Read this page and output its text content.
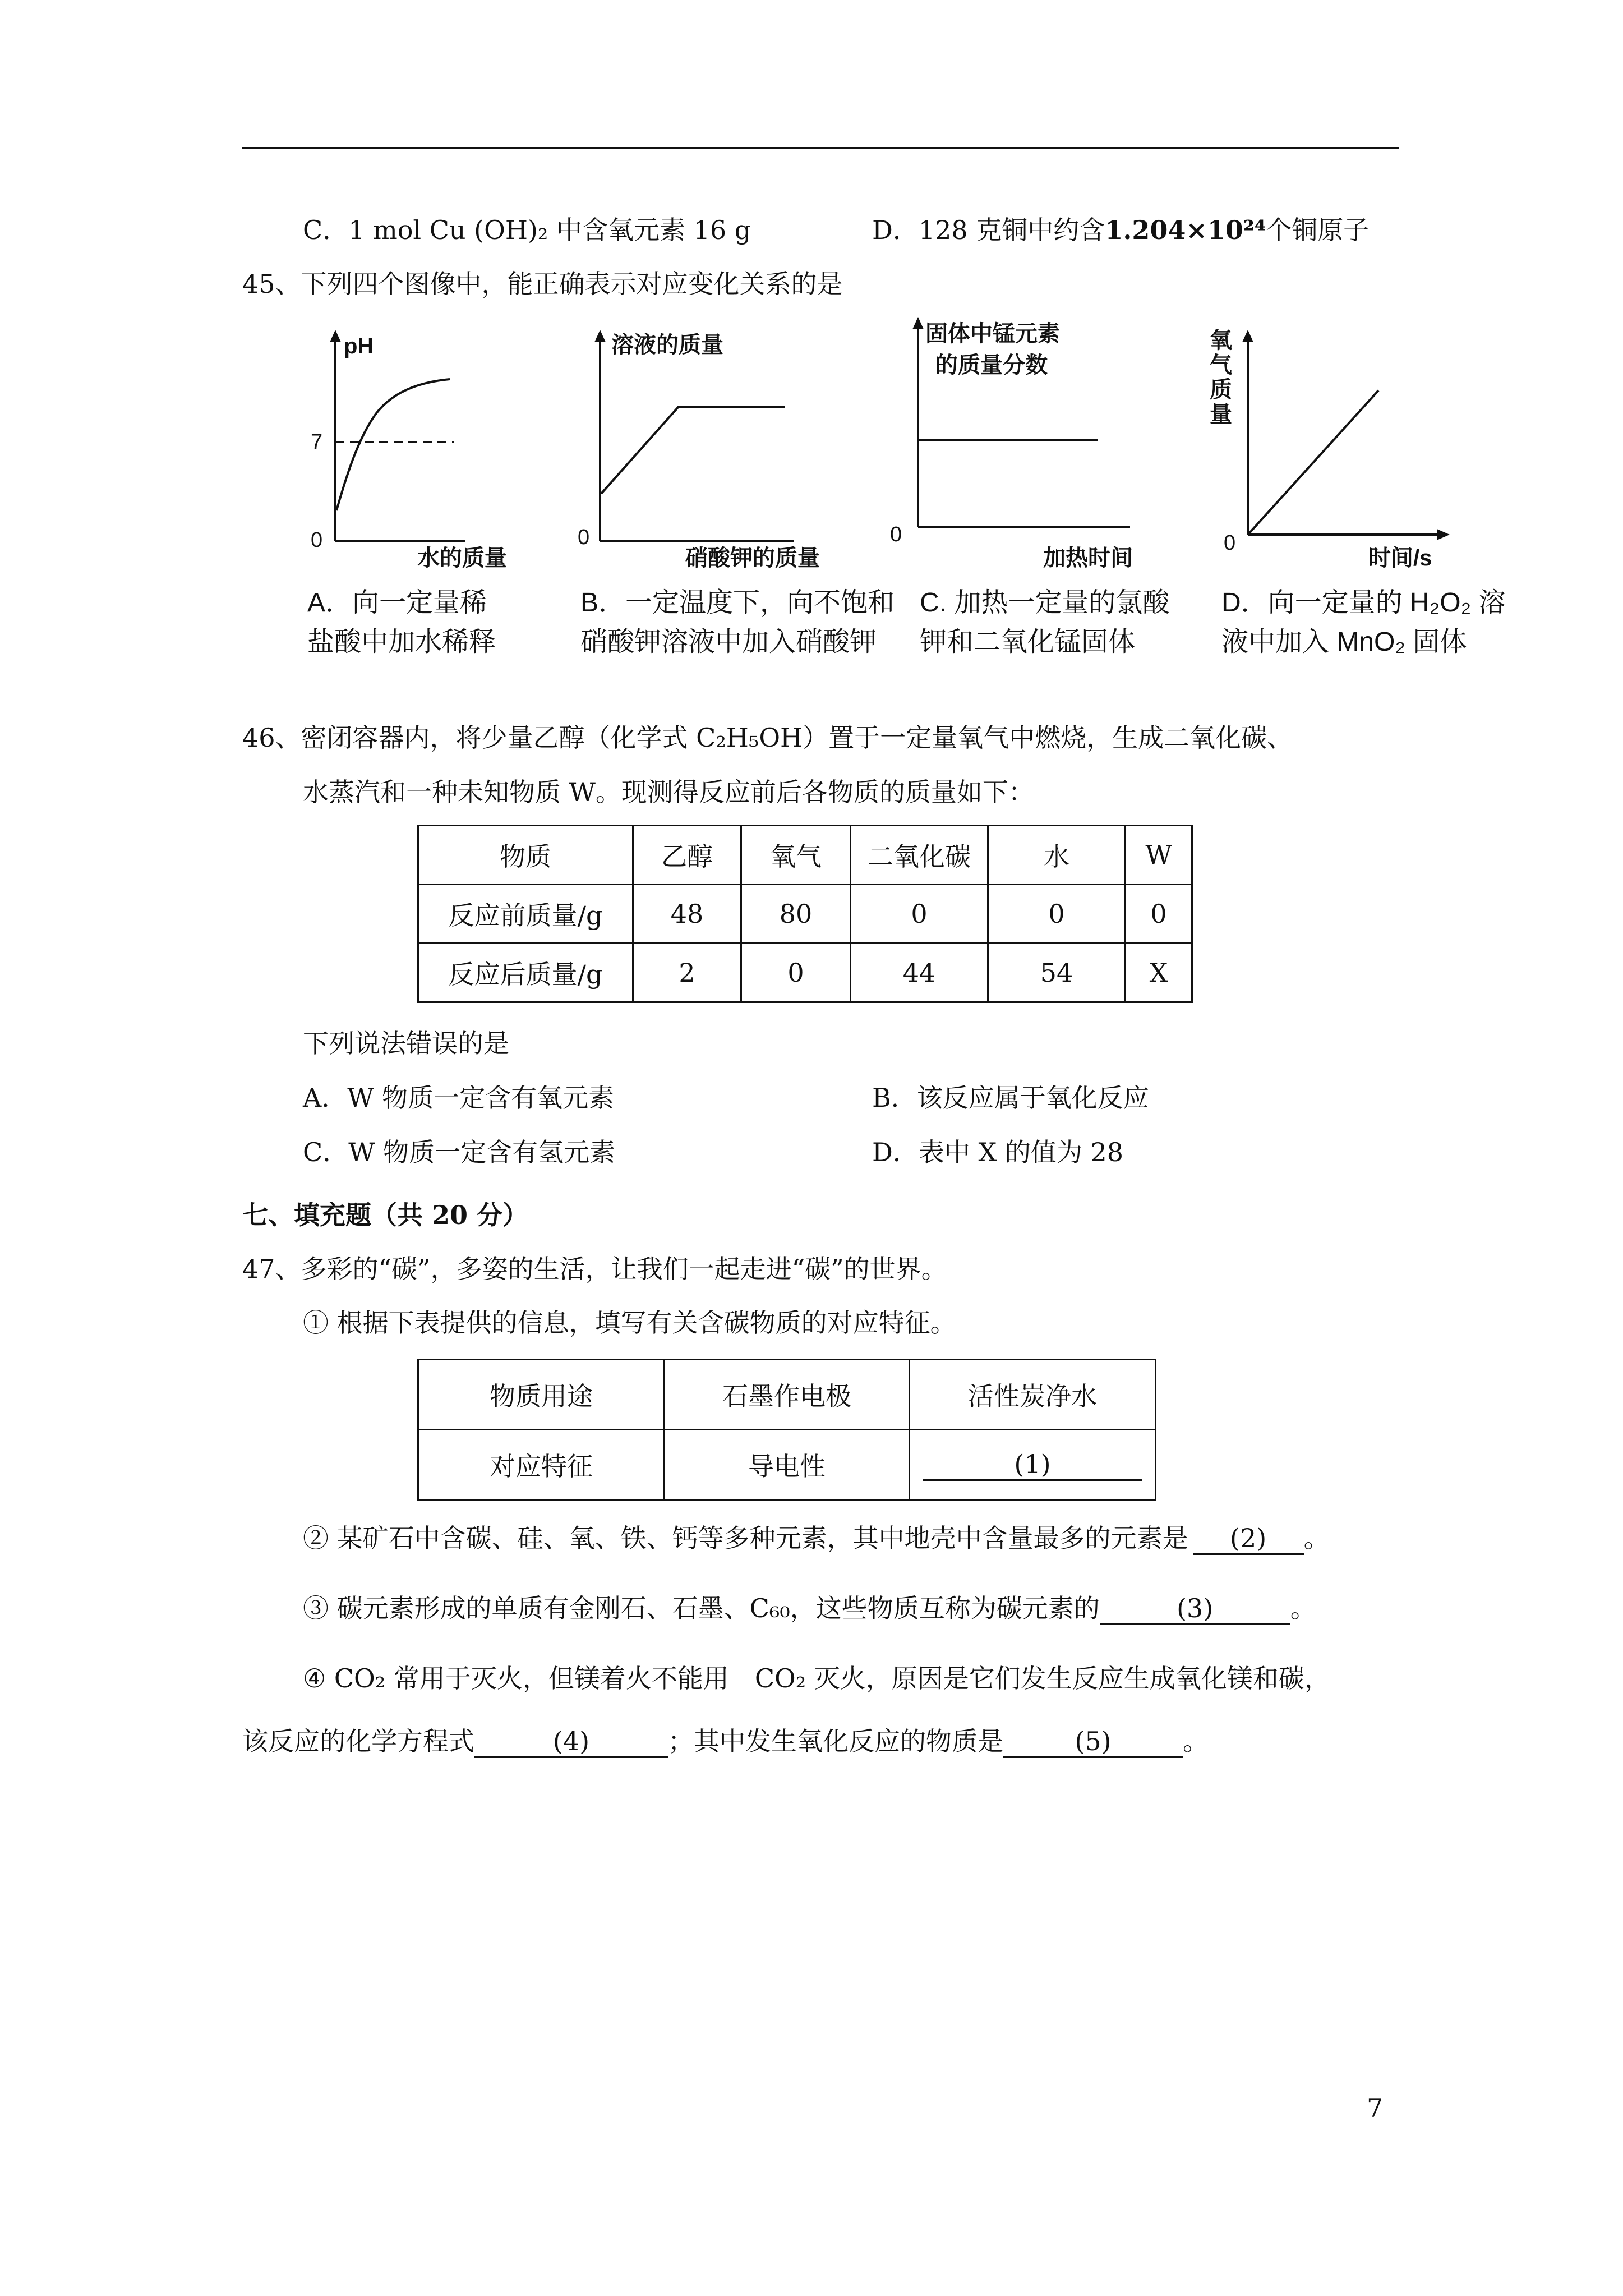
C．1 mol Cu (OH)₂ 中含氧元素 16 g	D．128 克铜中约含1.204×10²⁴个铜原子
45、下列四个图像中，能正确表示对应变化关系的是
pH
7
0
水的质量
0
溶液的质量
硝酸钾的质量
0
固体中锰元素
的质量分数
加热时间
0
氧
气
质
量
时间/s
A．向一定量稀
盐酸中加水稀释
B．一定温度下，向不饱和
硝酸钾溶液中加入硝酸钾
C. 加热一定量的氯酸
钾和二氧化锰固体
D．向一定量的 H₂O₂ 溶
液中加入 MnO₂ 固体
46、密闭容器内，将少量乙醇（化学式 C₂H₅OH）置于一定量氧气中燃烧，生成二氧化碳、
水蒸汽和一种未知物质 W。现测得反应前后各物质的质量如下：
物质	乙醇	氧气	二氧化碳	水	W
反应前质量/g	48	80	0	0	0
反应后质量/g	2	0	44	54	X
下列说法错误的是
A．W 物质一定含有氧元素	B．该反应属于氧化反应
C．W 物质一定含有氢元素	D．表中 X 的值为 28
七、填充题（共 20 分）
47、多彩的“碳”，多姿的生活，让我们一起走进“碳”的世界。
① 根据下表提供的信息，填写有关含碳物质的对应特征。
物质用途	石墨作电极	活性炭净水
对应特征	导电性	(1)
② 某矿石中含碳、硅、氧、铁、钙等多种元素，其中地壳中含量最多的元素是 (2) 。
③ 碳元素形成的单质有金刚石、石墨、C₆₀，这些物质互称为碳元素的	(3)	。
④ CO₂ 常用于灭火，但镁着火不能用　CO₂ 灭火，原因是它们发生反应生成氧化镁和碳，
该反应的化学方程式	(4)	；其中发生氧化反应的物质是	(5)	。
7
